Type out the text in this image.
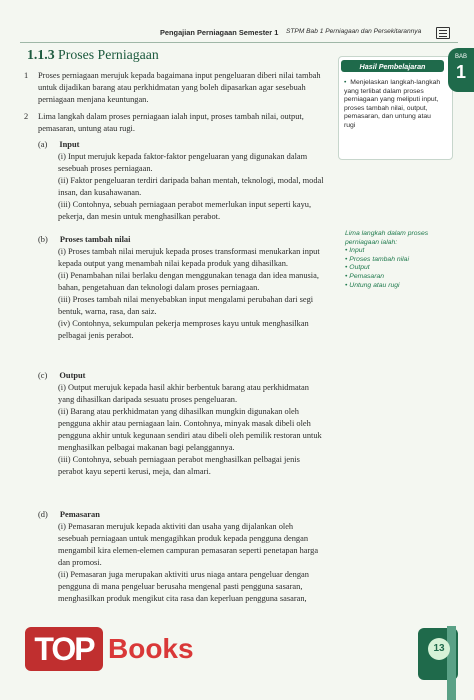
Pengajian Perniagaan Semester 1 STPM Bab 1 Perniagaan dan Persekitarannya
1.1.3 Proses Perniagaan
Hasil Pembelajaran
• Menjelaskan langkah-langkah yang terlibat dalam proses perniagaan yang meliputi input, proses tambah nilai, output, pemasaran, dan untung atau rugi
BAB
1
Lima langkah dalam proses perniagaan ialah:
• Input
• Proses tambah nilai
• Output
• Pemasaran
• Untung atau rugi
1	Proses perniagaan merujuk kepada bagaimana input pengeluaran diberi nilai tambah untuk dijadikan barang atau perkhidmatan yang boleh dipasarkan agar sesebuah perniagaan menjana keuntungan.
2	Lima langkah dalam proses perniagaan ialah input, proses tambah nilai, output, pemasaran, untung atau rugi.
(a) Input
(i) Input merujuk kepada faktor-faktor pengeluaran yang digunakan dalam sesebuah proses perniagaan.
(ii) Faktor pengeluaran terdiri daripada bahan mentah, teknologi, modal, modal insan, dan kusahawanan.
(iii) Contohnya, sebuah perniagaan perabot memerlukan input seperti kayu, pekerja, dan mesin untuk menghasilkan perabot.
(b) Proses tambah nilai
(i) Proses tambah nilai merujuk kepada proses transformasi menukarkan input kepada output yang menambah nilai kepada produk yang dihasilkan.
(ii) Penambahan nilai berlaku dengan menggunakan tenaga dan idea manusia, bahan, pengetahuan dan teknologi dalam proses perniagaan.
(iii) Proses tambah nilai menyebabkan input mengalami perubahan dari segi bentuk, warna, rasa, dan saiz.
(iv) Contohnya, sekumpulan pekerja memproses kayu untuk menghasilkan pelbagai jenis perabot.
(c) Output
(i) Output merujuk kepada hasil akhir berbentuk barang atau perkhidmatan yang dihasilkan daripada sesuatu proses pengeluaran.
(ii) Barang atau perkhidmatan yang dihasilkan mungkin digunakan oleh pengguna akhir atau perniagaan lain. Contohnya, minyak masak dibeli oleh pengguna akhir untuk kegunaan sendiri atau dibeli oleh pemilik restoran untuk menghasilkan pelbagai makanan bagi pelanggannya.
(iii) Contohnya, sebuah perniagaan perabot menghasilkan pelbagai jenis perabot kayu seperti kerusi, meja, dan almari.
(d) Pemasaran
(i) Pemasaran merujuk kepada aktiviti dan usaha yang dijalankan oleh sesebuah perniagaan untuk mengagihkan produk kepada pengguna dengan mengambil kira elemen-elemen campuran pemasaran seperti penetapan harga dan promosi.
(ii) Pemasaran juga merupakan aktiviti urus niaga antara pengeluar dengan pengguna di mana pengeluar berusaha mengenal pasti pengguna sasaran, menghasilkan produk mengikut cita rasa dan keperluan pengguna sasaran,
TOP Books	13
